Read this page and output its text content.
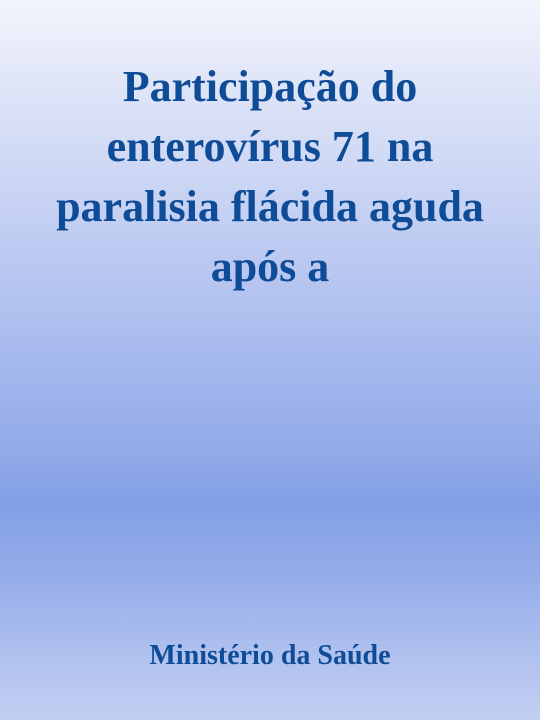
Participação do enterovírus 71 na paralisia flácida aguda após a

Ministério da Saúde
